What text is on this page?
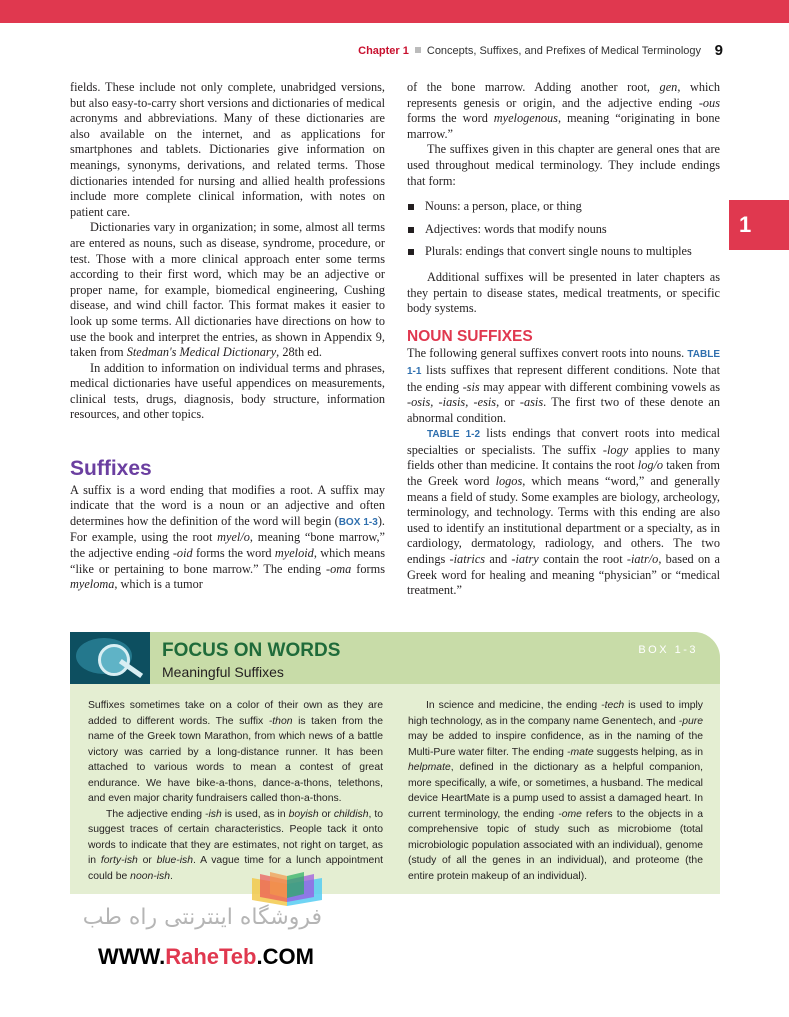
Chapter 1 Concepts, Suffixes, and Prefixes of Medical Terminology 9
1

fields. These include not only complete, unabridged versions, but also easy-to-carry short versions and dictionaries of medical acronyms and abbreviations. Many of these dictionaries are also available on the internet, and as applications for smartphones and tablets. Dictionaries give information on meanings, synonyms, derivations, and related terms. Those dictionaries intended for nursing and allied health professions include more complete clinical information, with notes on patient care.

Dictionaries vary in organization; in some, almost all terms are entered as nouns, such as disease, syndrome, procedure, or test. Those with a more clinical approach enter some terms according to their first word, which may be an adjective or proper name, for example, biomedical engineering, Cushing disease, and wind chill factor. This format makes it easier to look up some terms. All dictionaries have directions on how to use the book and interpret the entries, as shown in Appendix 9, taken from Stedman's Medical Dictionary, 28th ed.

In addition to information on individual terms and phrases, medical dictionaries have useful appendices on measurements, clinical tests, drugs, diagnosis, body structure, information resources, and other topics.

Suffixes

A suffix is a word ending that modifies a root. A suffix may indicate that the word is a noun or an adjective and often determines how the definition of the word will begin (BOX 1-3). For example, using the root myel/o, meaning “bone marrow,” the adjective ending -oid forms the word myeloid, which means “like or pertaining to bone marrow.” The ending -oma forms myeloma, which is a tumor

of the bone marrow. Adding another root, gen, which represents genesis or origin, and the adjective ending -ous forms the word myelogenous, meaning “originating in bone marrow.”

The suffixes given in this chapter are general ones that are used throughout medical terminology. They include endings that form:

Nouns: a person, place, or thing
Adjectives: words that modify nouns
Plurals: endings that convert single nouns to multiples

Additional suffixes will be presented in later chapters as they pertain to disease states, medical treatments, or specific body systems.

NOUN SUFFIXES

The following general suffixes convert roots into nouns. TABLE 1-1 lists suffixes that represent different conditions. Note that the ending -sis may appear with different combining vowels as -osis, -iasis, -esis, or -asis. The first two of these denote an abnormal condition.

TABLE 1-2 lists endings that convert roots into medical specialties or specialists. The suffix -logy applies to many fields other than medicine. It contains the root log/o taken from the Greek word logos, which means “word,” and generally means a field of study. Some examples are biology, archeology, terminology, and technology. Terms with this ending are also used to identify an institutional department or a specialty, as in cardiology, dermatology, radiology, and others. The two endings -iatrics and -iatry contain the root -iatr/o, based on a Greek word for healing and meaning “physician” or “medical treatment.”

FOCUS ON WORDS
Meaningful Suffixes
BOX 1-3

Suffixes sometimes take on a color of their own as they are added to different words. The suffix -thon is taken from the name of the Greek town Marathon, from which news of a battle victory was carried by a long-distance runner. It has been attached to various words to mean a contest of great endurance. We have bike-a-thons, dance-a-thons, telethons, and even major charity fundraisers called thon-a-thons.

The adjective ending -ish is used, as in boyish or childish, to suggest traces of certain characteristics. People tack it onto words to indicate that they are estimates, not right on target, as in forty-ish or blue-ish. A vague time for a lunch appointment could be noon-ish.

In science and medicine, the ending -tech is used to imply high technology, as in the company name Genentech, and -pure may be added to inspire confidence, as in the naming of the Multi-Pure water filter. The ending -mate suggests helping, as in helpmate, defined in the dictionary as a helpful companion, more specifically, a wife, or sometimes, a husband. The medical device HeartMate is a pump used to assist a damaged heart. In current terminology, the ending -ome refers to the objects in a comprehensive topic of study such as microbiome (total microbiologic population associated with an individual), genome (study of all the genes in an individual), and proteome (the entire protein makeup of an individual).

فروشگاه اینترنتی راه طب
WWW.RaheTeb.COM
